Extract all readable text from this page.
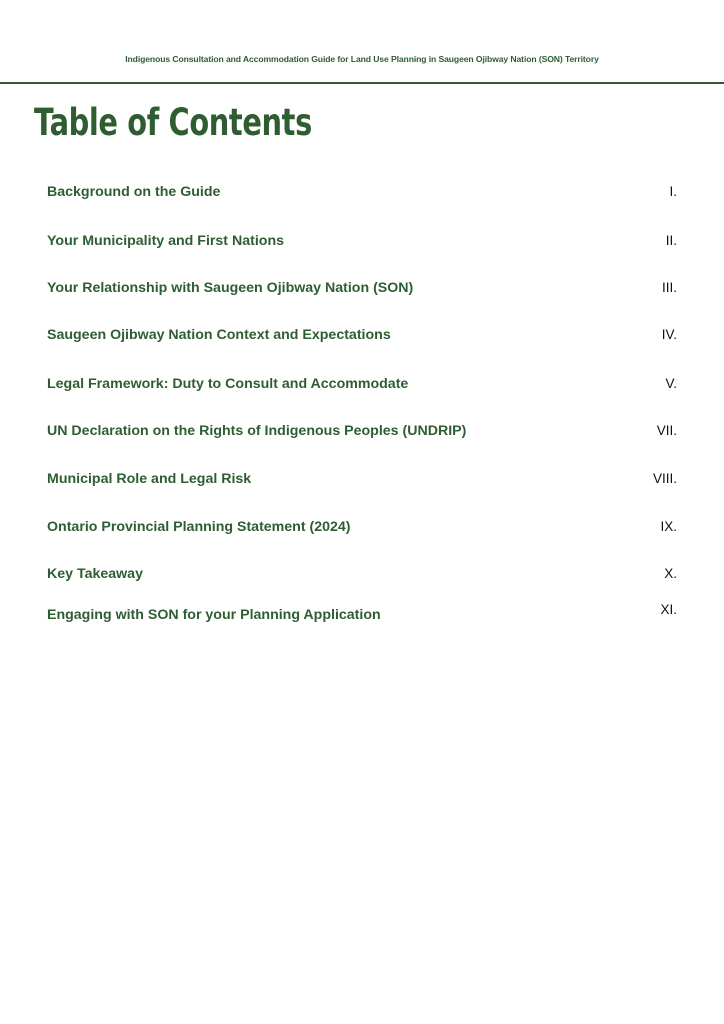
Indigenous Consultation and Accommodation Guide for Land Use Planning in Saugeen Ojibway Nation (SON) Territory
Table of Contents
Background on the Guide	I.
Your Municipality and First Nations	II.
Your Relationship with Saugeen Ojibway Nation (SON)	III.
Saugeen Ojibway Nation Context and Expectations	IV.
Legal Framework: Duty to Consult and Accommodate	V.
UN Declaration on the Rights of Indigenous Peoples (UNDRIP)	VII.
Municipal Role and Legal Risk	VIII.
Ontario Provincial Planning Statement (2024)	IX.
Key Takeaway	X.
Engaging with SON for your Planning Application	XI.
